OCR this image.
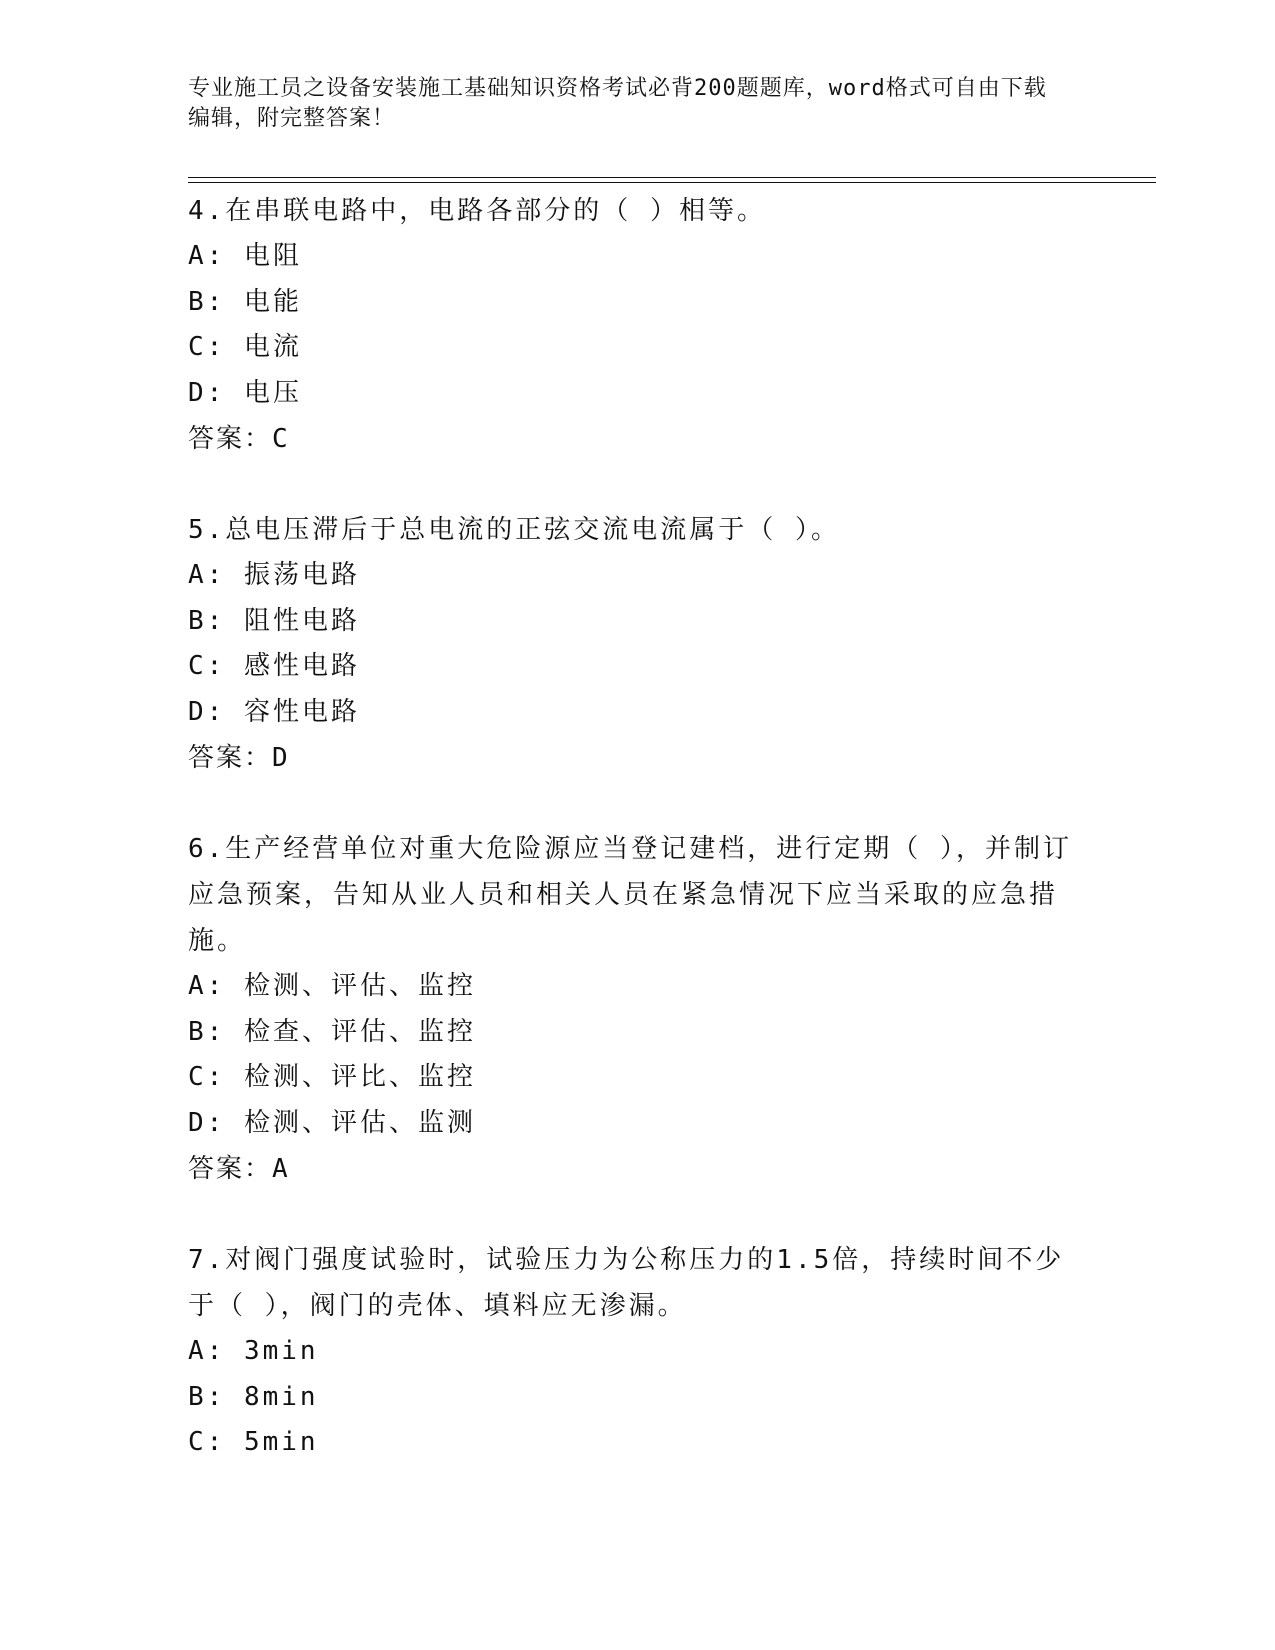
专业施工员之设备安装施工基础知识资格考试必背200题题库，word格式可自由下载编辑，附完整答案！

4.在串联电路中，电路各部分的（ ）相等。

A: 电阻

B: 电能

C: 电流

D: 电压

答案：C

5.总电压滞后于总电流的正弦交流电流属于（ ）。

A: 振荡电路

B: 阻性电路

C: 感性电路

D: 容性电路

答案：D

6.生产经营单位对重大危险源应当登记建档，进行定期（ ），并制订应急预案，告知从业人员和相关人员在紧急情况下应当采取的应急措施。

A: 检测、评估、监控

B: 检查、评估、监控

C: 检测、评比、监控

D: 检测、评估、监测

答案：A

7.对阀门强度试验时，试验压力为公称压力的1.5倍，持续时间不少于（ ），阀门的壳体、填料应无渗漏。

A: 3min

B: 8min

C: 5min
